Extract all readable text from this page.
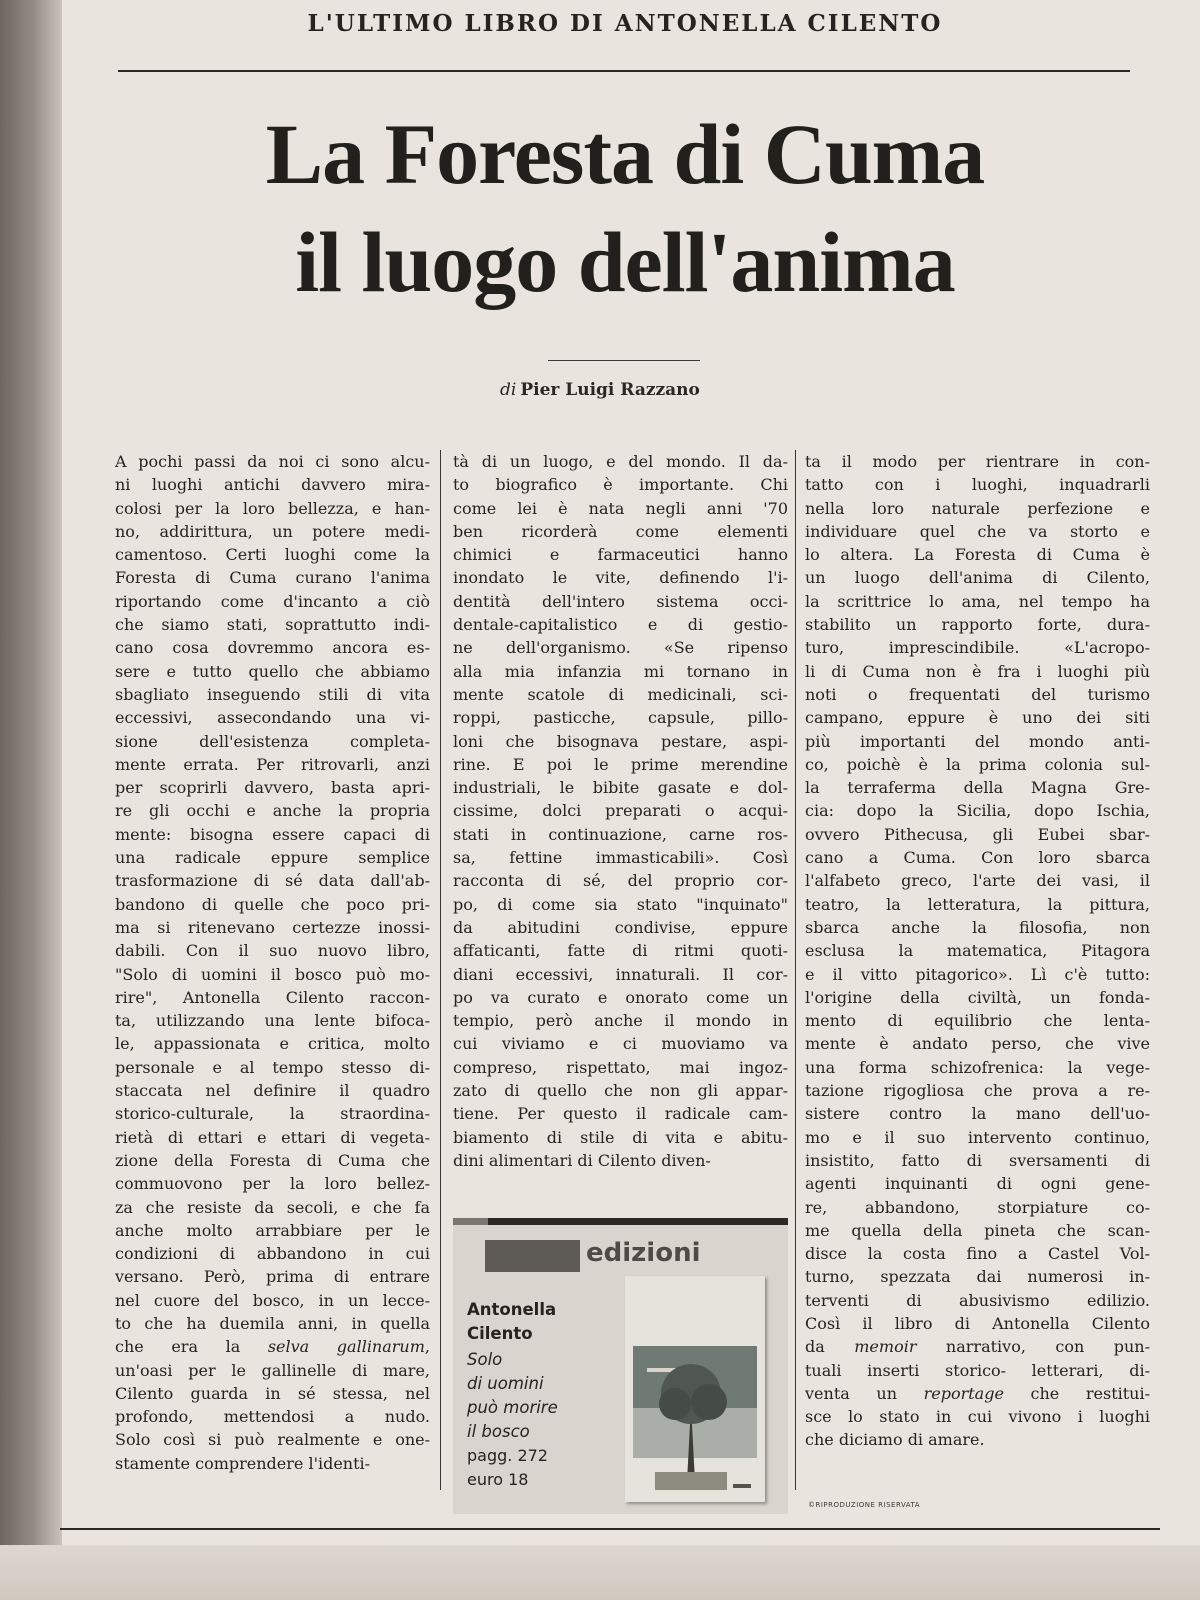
L'ULTIMO LIBRO DI ANTONELLA CILENTO
La Foresta di Cuma
il luogo dell'anima
di Pier Luigi Razzano
A pochi passi da noi ci sono alcu-
ni luoghi antichi davvero mira-
colosi per la loro bellezza, e han-
no, addirittura, un potere medi-
camentoso. Certi luoghi come la
Foresta di Cuma curano l'anima
riportando come d'incanto a ciò
che siamo stati, soprattutto indi-
cano cosa dovremmo ancora es-
sere e tutto quello che abbiamo
sbagliato inseguendo stili di vita
eccessivi, assecondando una vi-
sione dell'esistenza completa-
mente errata. Per ritrovarli, anzi
per scoprirli davvero, basta apri-
re gli occhi e anche la propria
mente: bisogna essere capaci di
una radicale eppure semplice
trasformazione di sé data dall'ab-
bandono di quelle che poco pri-
ma si ritenevano certezze inossi-
dabili. Con il suo nuovo libro,
"Solo di uomini il bosco può mo-
rire", Antonella Cilento raccon-
ta, utilizzando una lente bifoca-
le, appassionata e critica, molto
personale e al tempo stesso di-
staccata nel definire il quadro
storico-culturale, la straordina-
rietà di ettari e ettari di vegeta-
zione della Foresta di Cuma che
commuovono per la loro bellez-
za che resiste da secoli, e che fa
anche molto arrabbiare per le
condizioni di abbandono in cui
versano. Però, prima di entrare
nel cuore del bosco, in un lecce-
to che ha duemila anni, in quella
che era la selva gallinarum,
un'oasi per le gallinelle di mare,
Cilento guarda in sé stessa, nel
profondo, mettendosi a nudo.
Solo così si può realmente e one-
stamente comprendere l'identi-
tà di un luogo, e del mondo. Il da-
to biografico è importante. Chi
come lei è nata negli anni '70
ben ricorderà come elementi
chimici e farmaceutici hanno
inondato le vite, definendo l'i-
dentità dell'intero sistema occi-
dentale-capitalistico e di gestio-
ne dell'organismo. «Se ripenso
alla mia infanzia mi tornano in
mente scatole di medicinali, sci-
roppi, pasticche, capsule, pillo-
loni che bisognava pestare, aspi-
rine. E poi le prime merendine
industriali, le bibite gasate e dol-
cissime, dolci preparati o acqui-
stati in continuazione, carne ros-
sa, fettine immasticabili». Così
racconta di sé, del proprio cor-
po, di come sia stato "inquinato"
da abitudini condivise, eppure
affaticanti, fatte di ritmi quoti-
diani eccessivi, innaturali. Il cor-
po va curato e onorato come un
tempio, però anche il mondo in
cui viviamo e ci muoviamo va
compreso, rispettato, mai ingoz-
zato di quello che non gli appar-
tiene. Per questo il radicale cam-
biamento di stile di vita e abitu-
dini alimentari di Cilento diven-
ta il modo per rientrare in con-
tatto con i luoghi, inquadrarli
nella loro naturale perfezione e
individuare quel che va storto e
lo altera. La Foresta di Cuma è
un luogo dell'anima di Cilento,
la scrittrice lo ama, nel tempo ha
stabilito un rapporto forte, dura-
turo, imprescindibile. «L'acropo-
li di Cuma non è fra i luoghi più
noti o frequentati del turismo
campano, eppure è uno dei siti
più importanti del mondo anti-
co, poichè è la prima colonia sul-
la terraferma della Magna Gre-
cia: dopo la Sicilia, dopo Ischia,
ovvero Pithecusa, gli Eubei sbar-
cano a Cuma. Con loro sbarca
l'alfabeto greco, l'arte dei vasi, il
teatro, la letteratura, la pittura,
sbarca anche la filosofia, non
esclusa la matematica, Pitagora
e il vitto pitagorico». Lì c'è tutto:
l'origine della civiltà, un fonda-
mento di equilibrio che lenta-
mente è andato perso, che vive
una forma schizofrenica: la vege-
tazione rigogliosa che prova a re-
sistere contro la mano dell'uo-
mo e il suo intervento continuo,
insistito, fatto di sversamenti di
agenti inquinanti di ogni gene-
re, abbandono, storpiature co-
me quella della pineta che scan-
disce la costa fino a Castel Vol-
turno, spezzata dai numerosi in-
terventi di abusivismo edilizio.
Così il libro di Antonella Cilento
da memoir narrativo, con pun-
tuali inserti storico- letterari, di-
venta un reportage che restitui-
sce lo stato in cui vivono i luoghi
che diciamo di amare.
edizioni
Antonella Cilento
Solo
di uomini
può morire
il bosco
pagg. 272
euro 18
©RIPRODUZIONE RISERVATA
